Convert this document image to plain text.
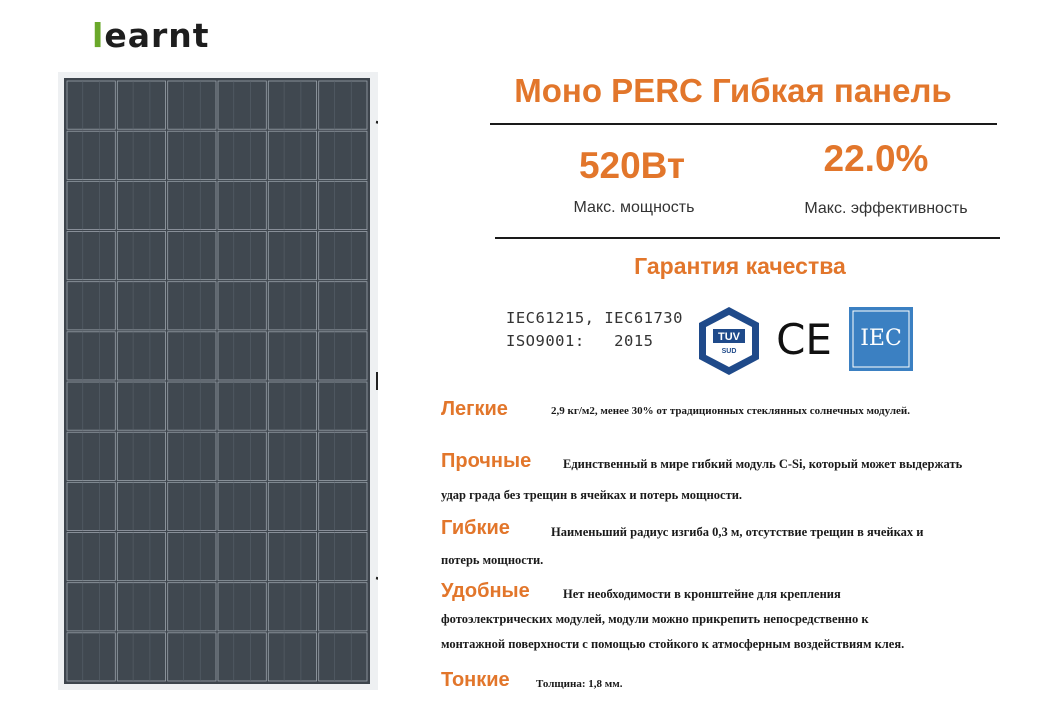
learnt
Моно PERC Гибкая панель
520Вт	22.0%
Макс. мощность	Макс. эффективность
Гарантия качества
IEC61215, IEC61730
ISO9001:   2015	TUV
SUD CE IEC
Легкие	2,9 кг/м2, менее 30% от традиционных стеклянных солнечных модулей.
Прочные	Единственный в мире гибкий модуль C-Si, который может выдержать
удар града без трещин в ячейках и потерь мощности.
Гибкие	Наименьший радиус изгиба 0,3 м, отсутствие трещин в ячейках и
потерь мощности.
Удобные	Нет необходимости в кронштейне для крепления
фотоэлектрических модулей, модули можно прикрепить непосредственно к
монтажной поверхности с помощью стойкого к атмосферным воздействиям клея.
Тонкие Толщина: 1,8 мм.
